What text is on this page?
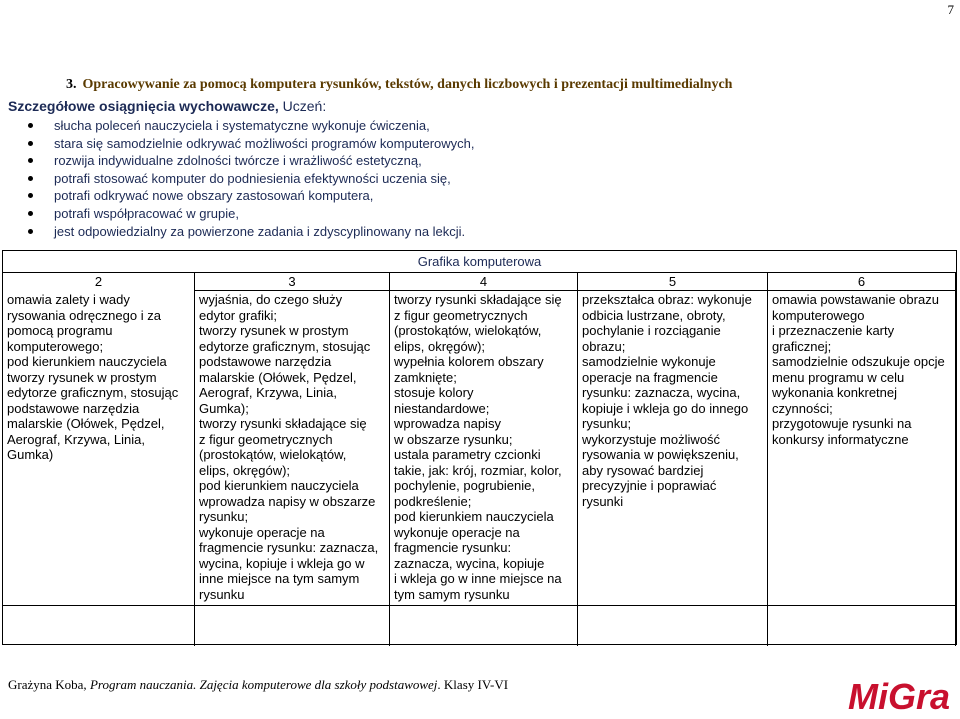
7
3. Opracowywanie za pomocą komputera rysunków, tekstów, danych liczbowych i prezentacji multimedialnych
Szczegółowe osiągnięcia wychowawcze, Uczeń:
słucha poleceń nauczyciela i systematyczne wykonuje ćwiczenia,
stara się samodzielnie odkrywać możliwości programów komputerowych,
rozwija indywidualne zdolności twórcze i wrażliwość estetyczną,
potrafi stosować komputer do podniesienia efektywności uczenia się,
potrafi odkrywać nowe obszary zastosowań komputera,
potrafi współpracować w grupie,
jest odpowiedzialny za powierzone zadania i zdyscyplinowany na lekcji.
Grafika komputerowa
2
omawia zalety i wady
rysowania odręcznego i za
pomocą programu
komputerowego;
pod kierunkiem nauczyciela
tworzy rysunek w prostym
edytorze graficznym, stosując
podstawowe narzędzia
malarskie (Ołówek, Pędzel,
Aerograf, Krzywa, Linia,
Gumka)
3
wyjaśnia, do czego służy
edytor grafiki;
tworzy rysunek w prostym
edytorze graficznym, stosując
podstawowe narzędzia
malarskie (Ołówek, Pędzel,
Aerograf, Krzywa, Linia,
Gumka);
tworzy rysunki składające się
z figur geometrycznych
(prostokątów, wielokątów,
elips, okręgów);
pod kierunkiem nauczyciela
wprowadza napisy w obszarze
rysunku;
wykonuje operacje na
fragmencie rysunku: zaznacza,
wycina, kopiuje i wkleja go w
inne miejsce na tym samym
rysunku
4
tworzy rysunki składające się
z figur geometrycznych
(prostokątów, wielokątów,
elips, okręgów);
wypełnia kolorem obszary
zamknięte;
stosuje kolory
niestandardowe;
wprowadza napisy
w obszarze rysunku;
ustala parametry czcionki
takie, jak: krój, rozmiar, kolor,
pochylenie, pogrubienie,
podkreślenie;
pod kierunkiem nauczyciela
wykonuje operacje na
fragmencie rysunku:
zaznacza, wycina, kopiuje
i wkleja go w inne miejsce na
tym samym rysunku
5
przekształca obraz: wykonuje
odbicia lustrzane, obroty,
pochylanie i rozciąganie
obrazu;
samodzielnie wykonuje
operacje na fragmencie
rysunku: zaznacza, wycina,
kopiuje i wkleja go do innego
rysunku;
wykorzystuje możliwość
rysowania w powiększeniu,
aby rysować bardziej
precyzyjnie i poprawiać
rysunki
6
omawia powstawanie obrazu
komputerowego
i przeznaczenie karty
graficznej;
samodzielnie odszukuje opcje
menu programu w celu
wykonania konkretnej
czynności;
przygotowuje rysunki na
konkursy informatyczne
Grażyna Koba, Program nauczania. Zajęcia komputerowe dla szkoły podstawowej. Klasy IV-VI	MiGra
